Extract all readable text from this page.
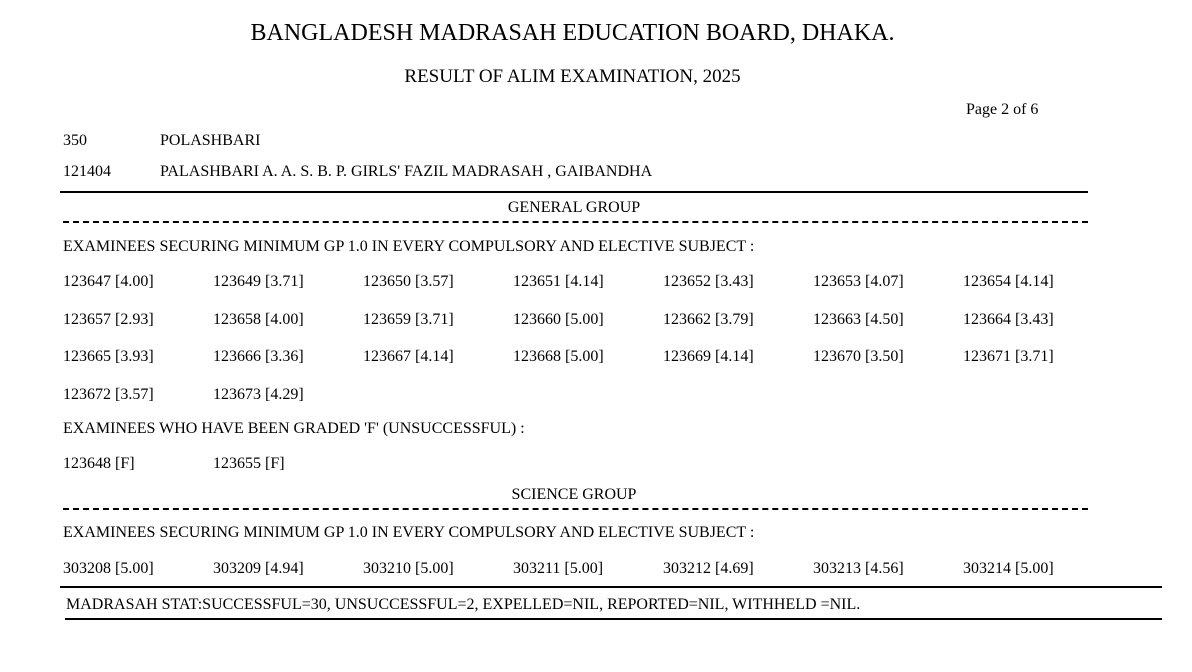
BANGLADESH MADRASAH EDUCATION BOARD, DHAKA.
RESULT OF ALIM EXAMINATION, 2025
Page 2 of 6
350	POLASHBARI
121404	PALASHBARI A. A. S. B. P. GIRLS' FAZIL MADRASAH , GAIBANDHA
GENERAL GROUP
EXAMINEES SECURING MINIMUM GP 1.0 IN EVERY COMPULSORY AND ELECTIVE SUBJECT :
123647 [4.00]	123649 [3.71]	123650 [3.57]	123651 [4.14]	123652 [3.43]	123653 [4.07]	123654 [4.14]
123657 [2.93]	123658 [4.00]	123659 [3.71]	123660 [5.00]	123662 [3.79]	123663 [4.50]	123664 [3.43]
123665 [3.93]	123666 [3.36]	123667 [4.14]	123668 [5.00]	123669 [4.14]	123670 [3.50]	123671 [3.71]
123672 [3.57]	123673 [4.29]
EXAMINEES WHO HAVE BEEN GRADED 'F' (UNSUCCESSFUL) :
123648 [F]	123655 [F]
SCIENCE GROUP
EXAMINEES SECURING MINIMUM GP 1.0 IN EVERY COMPULSORY AND ELECTIVE SUBJECT :
303208 [5.00]	303209 [4.94]	303210 [5.00]	303211 [5.00]	303212 [4.69]	303213 [4.56]	303214 [5.00]
MADRASAH STAT:SUCCESSFUL=30, UNSUCCESSFUL=2, EXPELLED=NIL, REPORTED=NIL, WITHHELD =NIL.
